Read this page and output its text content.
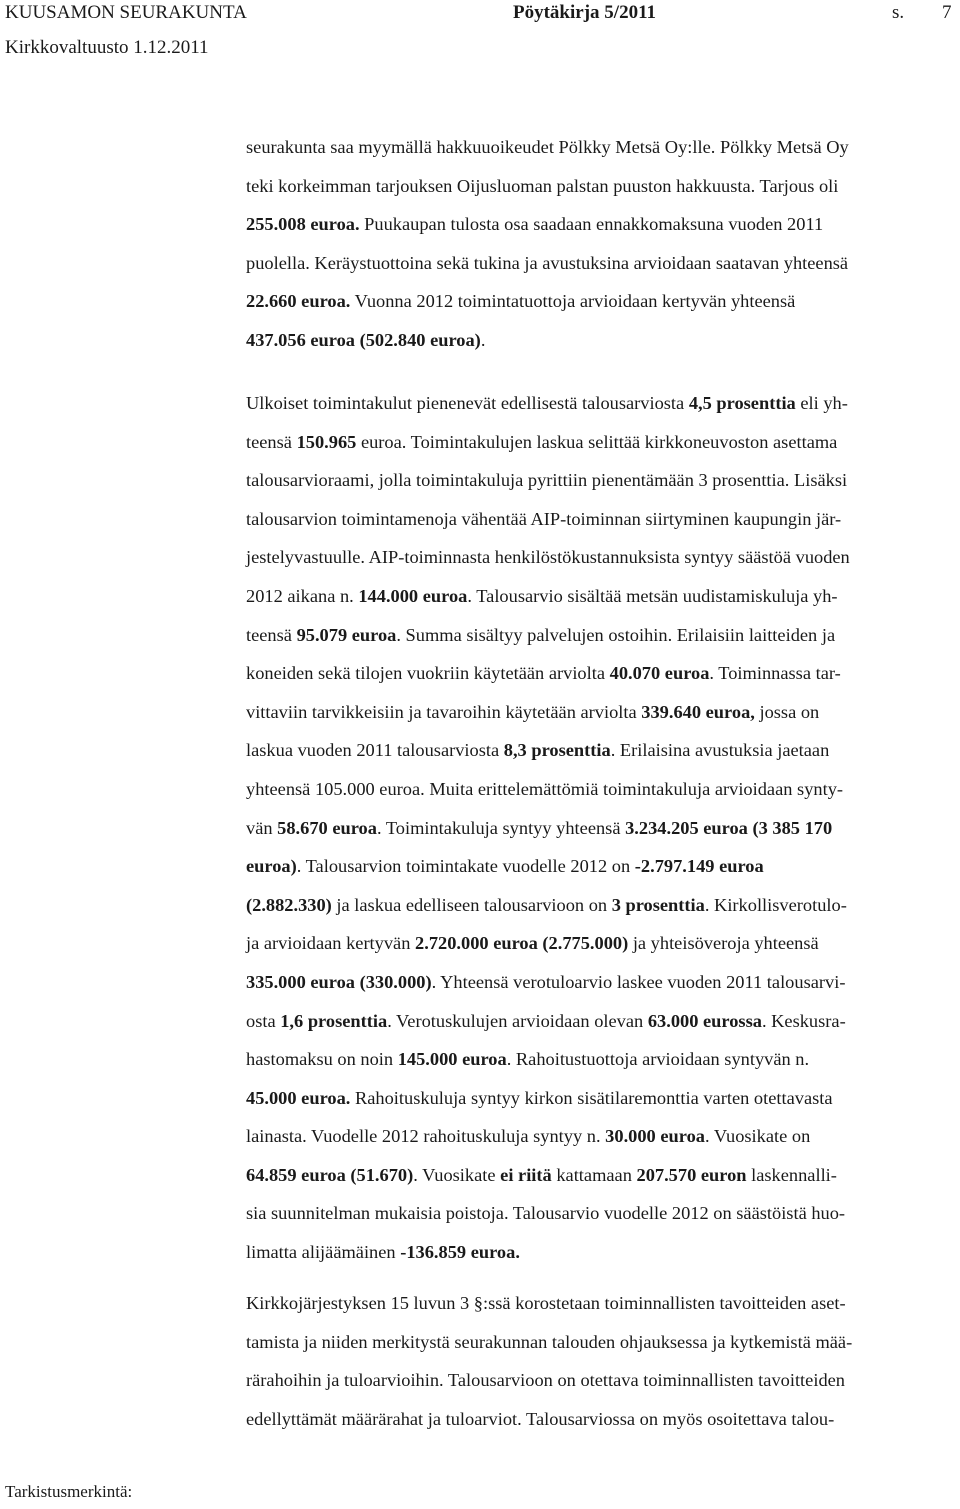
KUUSAMON SEURAKUNTA	Pöytäkirja 5/2011	s. 7
Kirkkovaltuusto 1.12.2011
seurakunta saa myymällä hakkuuoikeudet Pölkky Metsä Oy:lle. Pölkky Metsä Oy
teki korkeimman tarjouksen Oijusluoman palstan puuston hakkuusta. Tarjous oli
255.008 euroa. Puukaupan tulosta osa saadaan ennakkomaksuna vuoden 2011
puolella. Keräystuottoina sekä tukina ja avustuksina arvioidaan saatavan yhteensä
22.660 euroa. Vuonna 2012 toimintatuottoja arvioidaan kertyvän yhteensä
437.056 euroa (502.840 euroa).
Ulkoiset toimintakulut pienenevät edellisestä talousarviosta 4,5 prosenttia eli yh-
teensä 150.965 euroa. Toimintakulujen laskua selittää kirkkoneuvoston asettama
talousarvioraami, jolla toimintakuluja pyrittiin pienentämään 3 prosenttia. Lisäksi
talousarvion toimintamenoja vähentää AIP-toiminnan siirtyminen kaupungin jär-
jestelyvastuulle. AIP-toiminnasta henkilöstökustannuksista syntyy säästöä vuoden
2012 aikana n. 144.000 euroa. Talousarvio sisältää metsän uudistamiskuluja yh-
teensä 95.079 euroa. Summa sisältyy palvelujen ostoihin. Erilaisiin laitteiden ja
koneiden sekä tilojen vuokriin käytetään arviolta 40.070 euroa. Toiminnassa tar-
vittaviin tarvikkeisiin ja tavaroihin käytetään arviolta 339.640 euroa, jossa on
laskua vuoden 2011 talousarviosta 8,3 prosenttia. Erilaisina avustuksia jaetaan
yhteensä 105.000 euroa. Muita erittelemättömiä toimintakuluja arvioidaan synty-
vän 58.670 euroa. Toimintakuluja syntyy yhteensä 3.234.205 euroa (3 385 170
euroa). Talousarvion toimintakate vuodelle 2012 on -2.797.149 euroa
(2.882.330) ja laskua edelliseen talousarvioon on 3 prosenttia. Kirkollisverotulo-
ja arvioidaan kertyvän 2.720.000 euroa (2.775.000) ja yhteisöveroja yhteensä
335.000 euroa (330.000). Yhteensä verotuloarvio laskee vuoden 2011 talousarvi-
osta 1,6 prosenttia. Verotuskulujen arvioidaan olevan 63.000 eurossa. Keskusra-
hastomaksu on noin 145.000 euroa. Rahoitustuottoja arvioidaan syntyvän n.
45.000 euroa. Rahoituskuluja syntyy kirkon sisätilaremonttia varten otettavasta
lainasta. Vuodelle 2012 rahoituskuluja syntyy n. 30.000 euroa. Vuosikate on
64.859 euroa (51.670). Vuosikate ei riitä kattamaan 207.570 euron laskennalli-
sia suunnitelman mukaisia poistoja. Talousarvio vuodelle 2012 on säästöistä huo-
limatta alijäämäinen -136.859 euroa.
Kirkkojärjestyksen 15 luvun 3 §:ssä korostetaan toiminnallisten tavoitteiden aset-
tamista ja niiden merkitystä seurakunnan talouden ohjauksessa ja kytkemistä mää-
rärahoihin ja tuloarvioihin. Talousarvioon on otettava toiminnallisten tavoitteiden
edellyttämät määrärahat ja tuloarviot. Talousarviossa on myös osoitettava talou-
Tarkistusmerkintä:
